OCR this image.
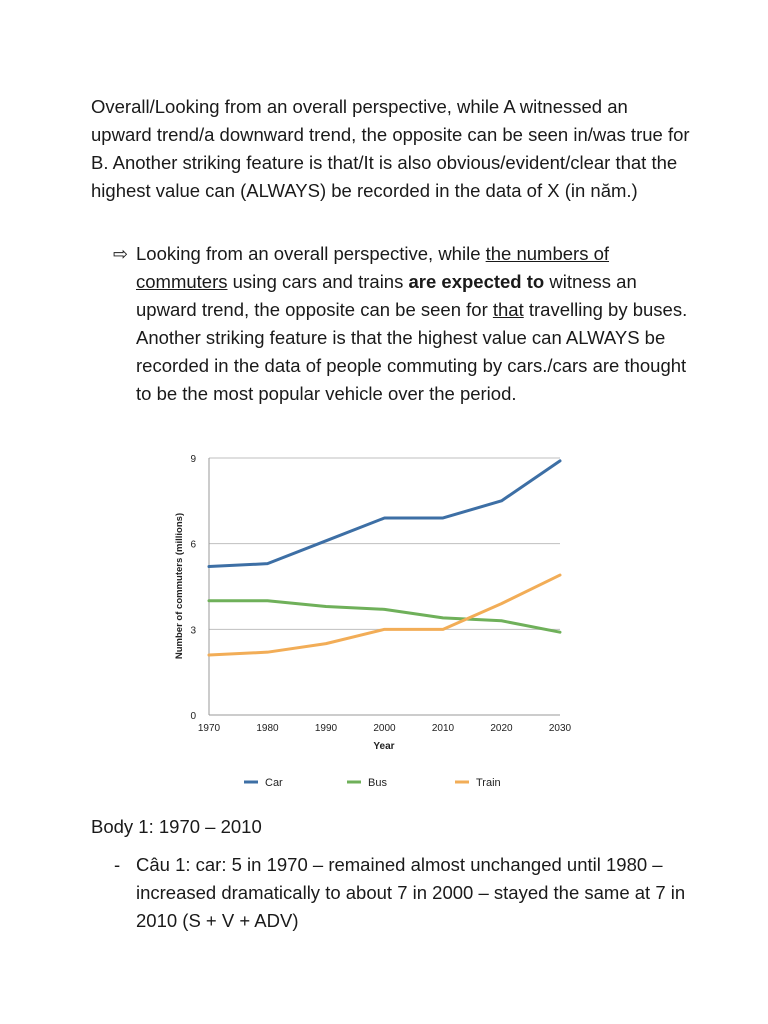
Overall/Looking from an overall perspective, while A witnessed an upward trend/a downward trend, the opposite can be seen in/was true for B. Another striking feature is that/It is also obvious/evident/clear that the highest value can (ALWAYS) be recorded in the data of X (in năm.)

⇨ Looking from an overall perspective, while the numbers of commuters using cars and trains are expected to witness an upward trend, the opposite can be seen for that travelling by buses. Another striking feature is that the highest value can ALWAYS be recorded in the data of people commuting by cars./cars are thought to be the most popular vehicle over the period.

0
3
6
9
1970	1980	1990	2000	2010	2020	2030
Year
Number of commuters (millions)
Car	Bus	Train
Body 1: 1970 – 2010
- Câu 1: car: 5 in 1970 – remained almost unchanged until 1980 – increased dramatically to about 7 in 2000 – stayed the same at 7 in 2010 (S + V + ADV)
